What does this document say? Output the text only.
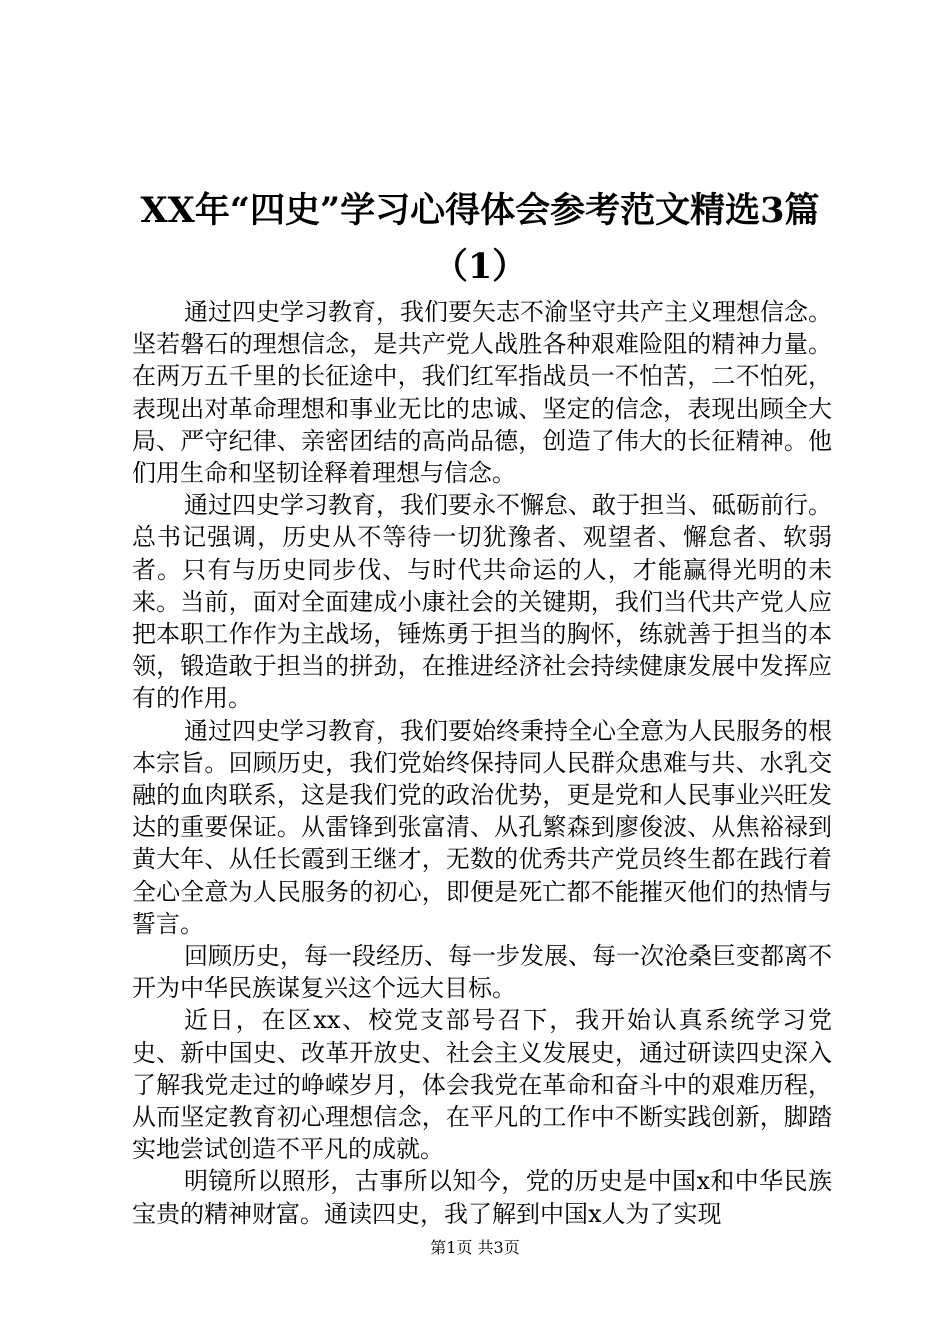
XX年“四史”学习心得体会参考范文精选3篇
（1）

通过四史学习教育，我们要矢志不渝坚守共产主义理想信念。坚若磐石的理想信念，是共产党人战胜各种艰难险阻的精神力量。在两万五千里的长征途中，我们红军指战员一不怕苦，二不怕死，表现出对革命理想和事业无比的忠诚、坚定的信念，表现出顾全大局、严守纪律、亲密团结的高尚品德，创造了伟大的长征精神。他们用生命和坚韧诠释着理想与信念。

通过四史学习教育，我们要永不懈怠、敢于担当、砥砺前行。总书记强调，历史从不等待一切犹豫者、观望者、懈怠者、软弱者。只有与历史同步伐、与时代共命运的人，才能赢得光明的未来。当前，面对全面建成小康社会的关键期，我们当代共产党人应把本职工作作为主战场，锤炼勇于担当的胸怀，练就善于担当的本领，锻造敢于担当的拼劲，在推进经济社会持续健康发展中发挥应有的作用。

通过四史学习教育，我们要始终秉持全心全意为人民服务的根本宗旨。回顾历史，我们党始终保持同人民群众患难与共、水乳交融的血肉联系，这是我们党的政治优势，更是党和人民事业兴旺发达的重要保证。从雷锋到张富清、从孔繁森到廖俊波、从焦裕禄到黄大年、从任长霞到王继才，无数的优秀共产党员终生都在践行着全心全意为人民服务的初心，即便是死亡都不能摧灭他们的热情与誓言。

回顾历史，每一段经历、每一步发展、每一次沧桑巨变都离不开为中华民族谋复兴这个远大目标。

近日，在区xx、校党支部号召下，我开始认真系统学习党史、新中国史、改革开放史、社会主义发展史，通过研读四史深入了解我党走过的峥嵘岁月，体会我党在革命和奋斗中的艰难历程，从而坚定教育初心理想信念，在平凡的工作中不断实践创新，脚踏实地尝试创造不平凡的成就。

明镜所以照形，古事所以知今，党的历史是中国x和中华民族宝贵的精神财富。通读四史，我了解到中国x人为了实现

第1页 共3页
